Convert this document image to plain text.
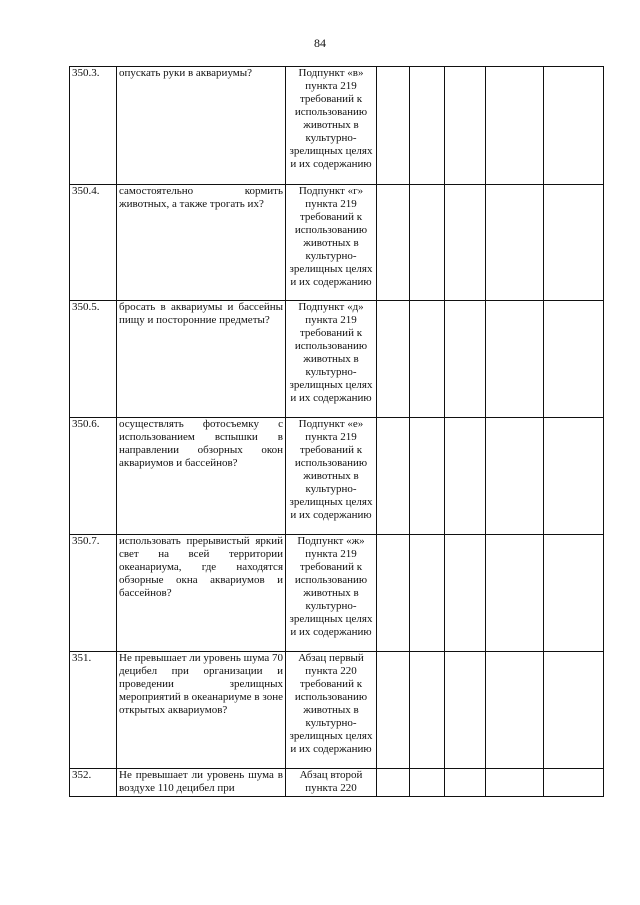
84
350.3.	опускать руки в аквариумы?	Подпункт «в» пункта 219 требований к использованию животных в культурно-зрелищных целях и их содержанию					
350.4.	самостоятельно кормить животных, а также трогать их?	Подпункт «г» пункта 219 требований к использованию животных в культурно-зрелищных целях и их содержанию					
350.5.	бросать в аквариумы и бассейны пищу и посторонние предметы?	Подпункт «д» пункта 219 требований к использованию животных в культурно-зрелищных целях и их содержанию					
350.6.	осуществлять фотосъемку с использованием вспышки в направлении обзорных окон аквариумов и бассейнов?	Подпункт «е» пункта 219 требований к использованию животных в культурно-зрелищных целях и их содержанию					
350.7.	использовать прерывистый яркий свет на всей территории океанариума, где находятся обзорные окна аквариумов и бассейнов?	Подпункт «ж» пункта 219 требований к использованию животных в культурно-зрелищных целях и их содержанию					
351.	Не превышает ли уровень шума 70 децибел при организации и проведении зрелищных мероприятий в океанариуме в зоне открытых аквариумов?	Абзац первый пункта 220 требований к использованию животных в культурно-зрелищных целях и их содержанию					
352.	Не превышает ли уровень шума в воздухе 110 децибел при	Абзац второй пункта 220					
